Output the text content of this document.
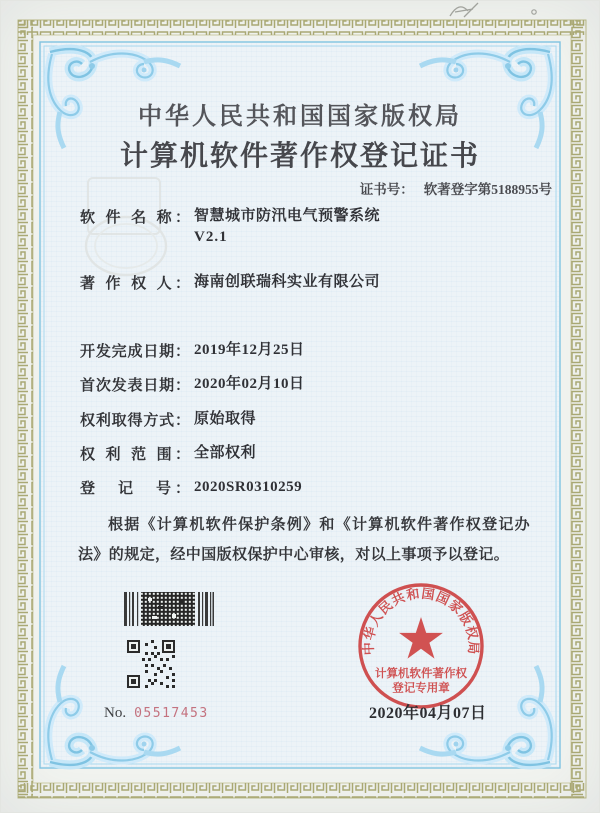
中华人民共和国国家版权局
计算机软件著作权登记证书
证书号： 软著登字第5188955号
软 件 名 称： 智慧城市防汛电气预警系统
V2.1
著 作 权 人： 海南创联瑞科实业有限公司
开发完成日期： 2019年12月25日
首次发表日期： 2020年02月10日
权利取得方式： 原始取得
权 利 范 围： 全部权利
登　记　号： 2020SR0310259

根据《计算机软件保护条例》和《计算机软件著作权登记办法》的规定，经中国版权保护中心审核，对以上事项予以登记。

No. 05517453
中华人民共和国国家版权局
计算机软件著作权
登记专用章
2020年04月07日
